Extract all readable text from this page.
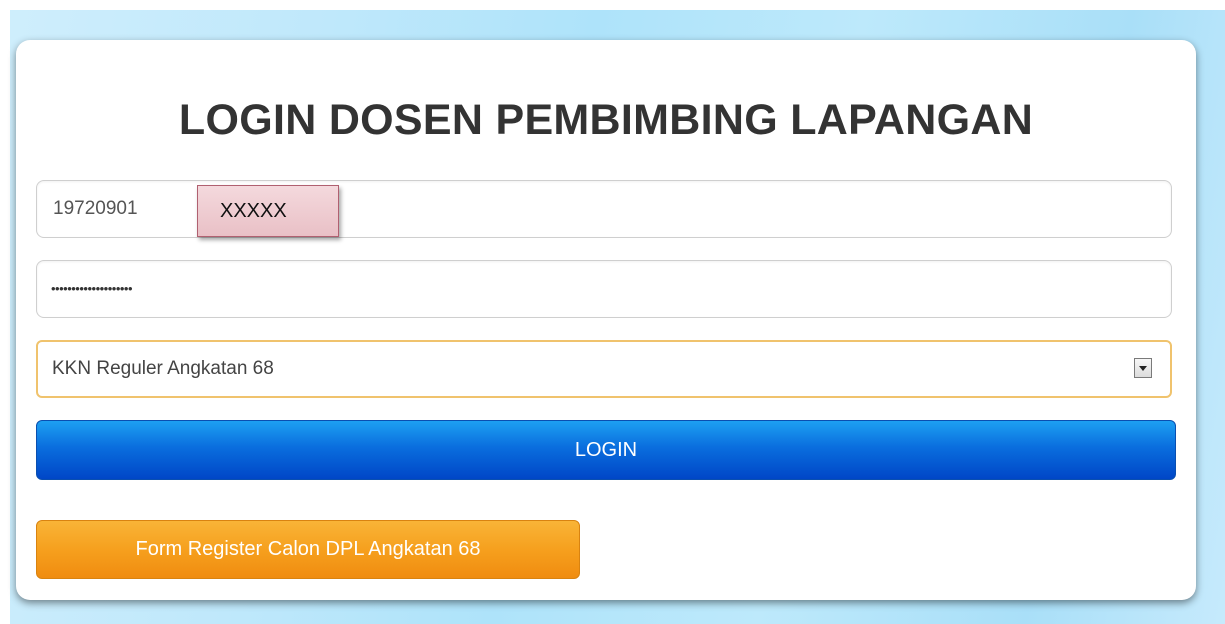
LOGIN DOSEN PEMBIMBING LAPANGAN
19720901	XXXXX
••••••••••••••••••••
KKN Reguler Angkatan 68
LOGIN
Form Register Calon DPL Angkatan 68
